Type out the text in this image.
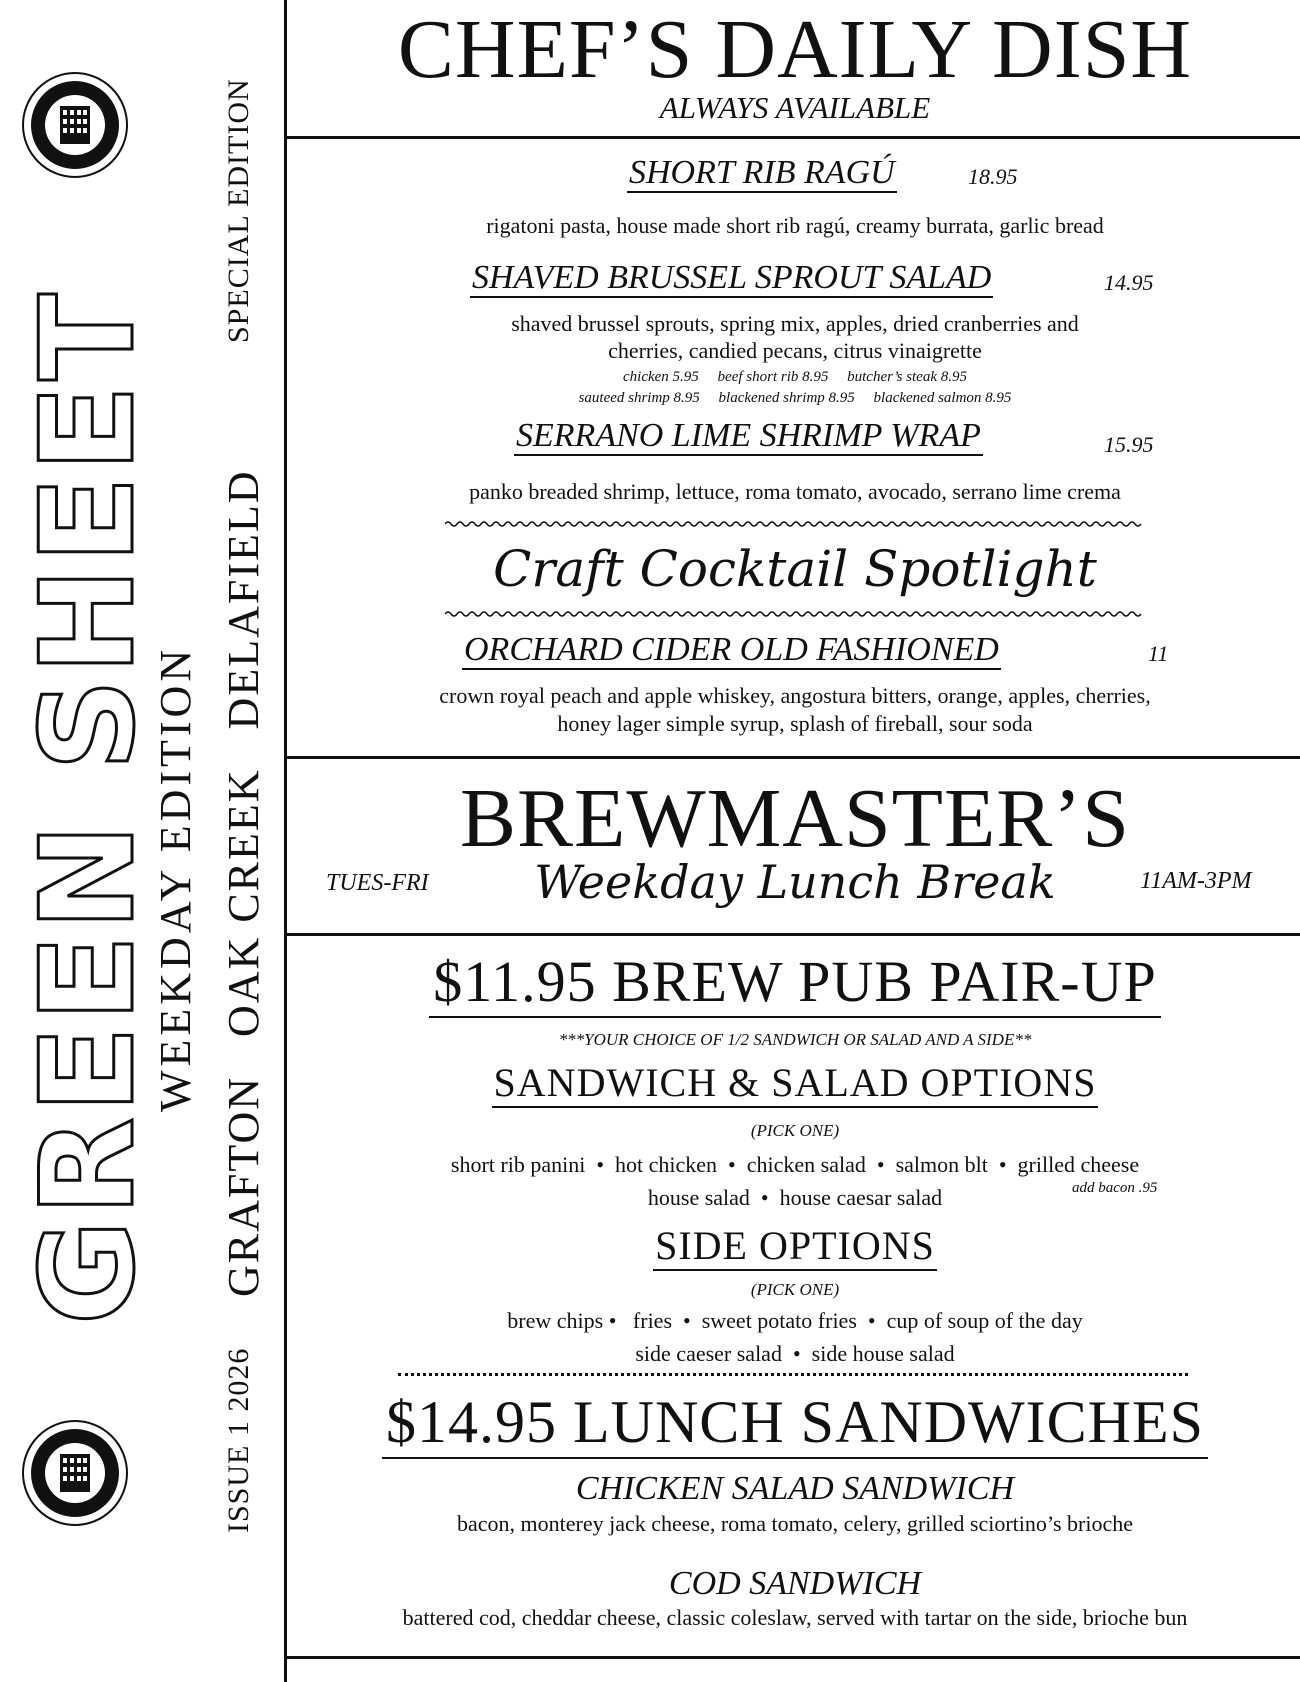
GREEN SHEET
WEEKDAY EDITION GRAFTON   OAK CREEK   DELAFIELD
SPECIAL EDITION
ISSUE 1 2026
CHEF’S DAILY DISH
ALWAYS AVAILABLE
SHORT RIB RAGÚ	18.95
rigatoni pasta, house made short rib ragú, creamy burrata, garlic bread
SHAVED BRUSSEL SPROUT SALAD	14.95
shaved brussel sprouts, spring mix, apples, dried cranberries and
cherries, candied pecans, citrus vinaigrette
chicken 5.95     beef short rib 8.95     butcher’s steak 8.95
sauteed shrimp 8.95     blackened shrimp 8.95     blackened salmon 8.95
SERRANO LIME SHRIMP WRAP	15.95
panko breaded shrimp, lettuce, roma tomato, avocado, serrano lime crema
Craft Cocktail Spotlight
ORCHARD CIDER OLD FASHIONED	11
crown royal peach and apple whiskey, angostura bitters, orange, apples, cherries,
honey lager simple syrup, splash of fireball, sour soda
BREWMASTER’S
Weekday Lunch Break
TUES-FRI	11AM-3PM
$11.95 BREW PUB PAIR-UP
***YOUR CHOICE OF 1/2 SANDWICH OR SALAD AND A SIDE**
SANDWICH & SALAD OPTIONS
(PICK ONE)
short rib panini  •  hot chicken  •  chicken salad  •  salmon blt  •  grilled cheese
house salad  •  house caesar salad	add bacon .95
SIDE OPTIONS
(PICK ONE)
brew chips •   fries  •  sweet potato fries  •  cup of soup of the day
side caeser salad  •  side house salad
$14.95 LUNCH SANDWICHES
CHICKEN SALAD SANDWICH
bacon, monterey jack cheese, roma tomato, celery, grilled sciortino’s brioche
COD SANDWICH
battered cod, cheddar cheese, classic coleslaw, served with tartar on the side, brioche bun
